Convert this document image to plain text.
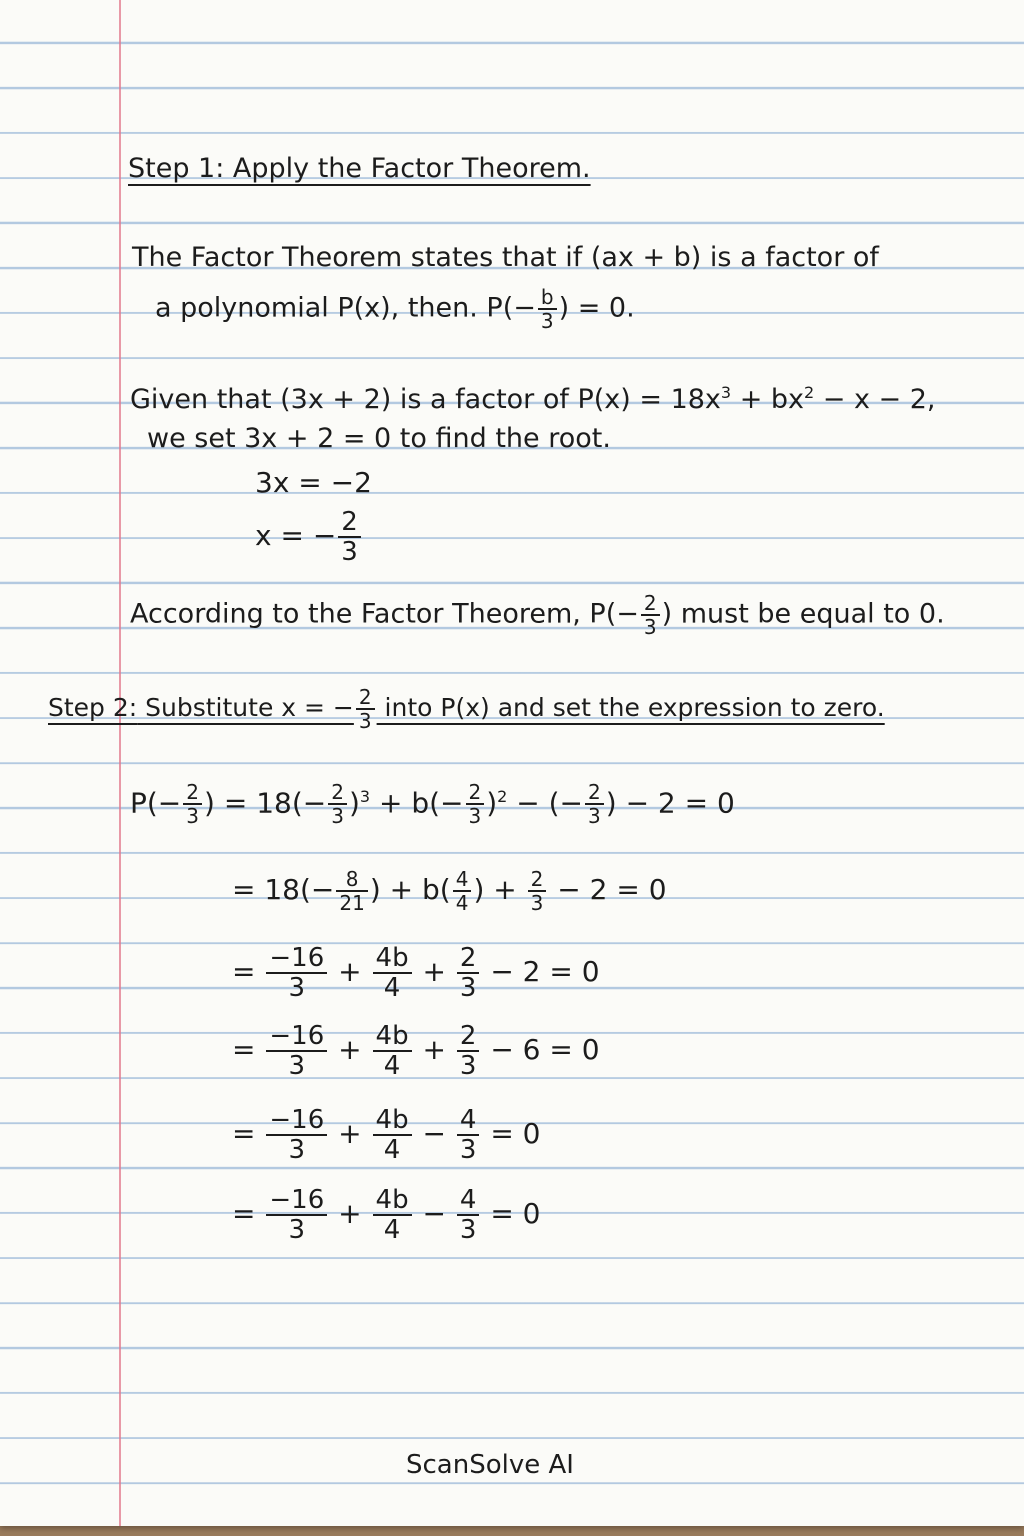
Step 1: Apply the Factor Theorem.
The Factor Theorem states that if (ax + b) is a factor of
a polynomial P(x), then. $P(- \frac{b}{3}$ ) = 0.
Given that (3x + 2) is a factor of $P(x) = 18x^3 + bx^2 - x - 2$,
we set 3x + 2 = 0 to find the root.
3x = −2
x = − $\frac{2}{3}$
According to the Factor Theorem, $P(- \frac{2}{3}$ ) must be equal to 0.
Step 2: Substitute x = − $\frac{2}{3}$ into P(x) and set the expression to zero.
$P(- \frac{2}{3}$ ) = $18(- \frac{2}{3} )^3 + b(- \frac{2}{3} )^2$ − (− $\frac{2}{3}$ ) − 2 = 0
= $18(- \frac{8}{21}$ ) + $b( \frac{4}{4}$ ) + $\frac{2}{3} - 2 = 0$
= $\frac{-16}{3} + \frac{4b}{4} + \frac{2}{3} - 2 = 0$
= $\frac{-16}{3} + \frac{4b}{4} + \frac{2}{3} - 6 = 0$
= $\frac{-16}{3} + \frac{4b}{4} - \frac{4}{3} = 0$
= $\frac{-16}{3} + \frac{4b}{4} - \frac{4}{3} = 0$
ScanSolve AI
